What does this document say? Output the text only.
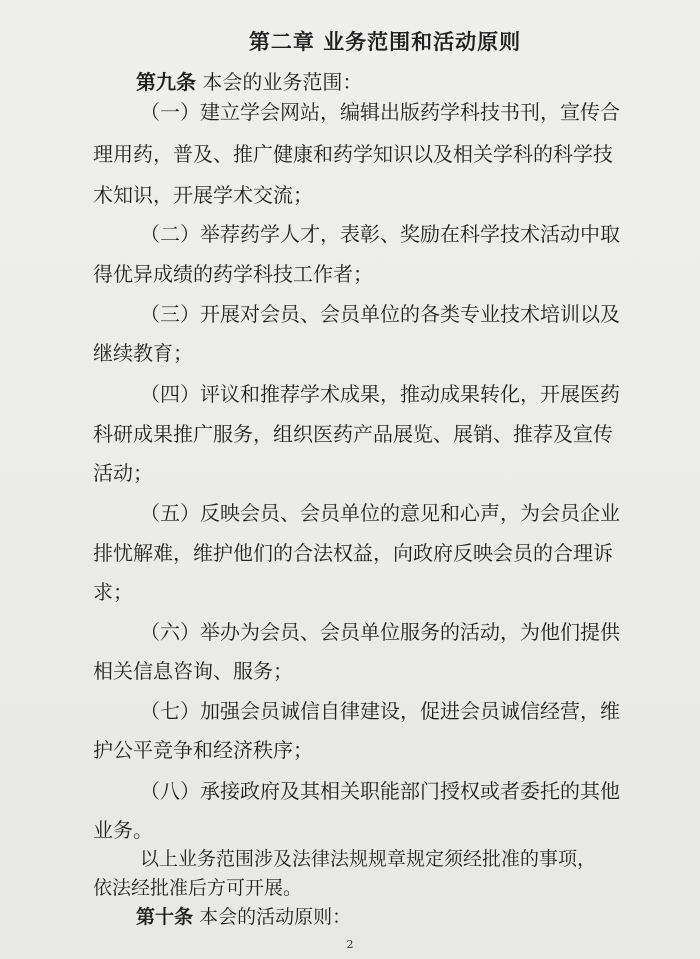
第二章 业务范围和活动原则
第九条 本会的业务范围：
（一）建立学会网站，编辑出版药学科技书刊，宣传合
理用药，普及、推广健康和药学知识以及相关学科的科学技
术知识，开展学术交流；
（二）举荐药学人才，表彰、奖励在科学技术活动中取
得优异成绩的药学科技工作者；
（三）开展对会员、会员单位的各类专业技术培训以及
继续教育；
（四）评议和推荐学术成果，推动成果转化，开展医药
科研成果推广服务，组织医药产品展览、展销、推荐及宣传
活动；
（五）反映会员、会员单位的意见和心声，为会员企业
排忧解难，维护他们的合法权益，向政府反映会员的合理诉
求；
（六）举办为会员、会员单位服务的活动，为他们提供
相关信息咨询、服务；
（七）加强会员诚信自律建设，促进会员诚信经营，维
护公平竞争和经济秩序；
（八）承接政府及其相关职能部门授权或者委托的其他
业务。
以上业务范围涉及法律法规规章规定须经批准的事项，
依法经批准后方可开展。
第十条 本会的活动原则：
2
